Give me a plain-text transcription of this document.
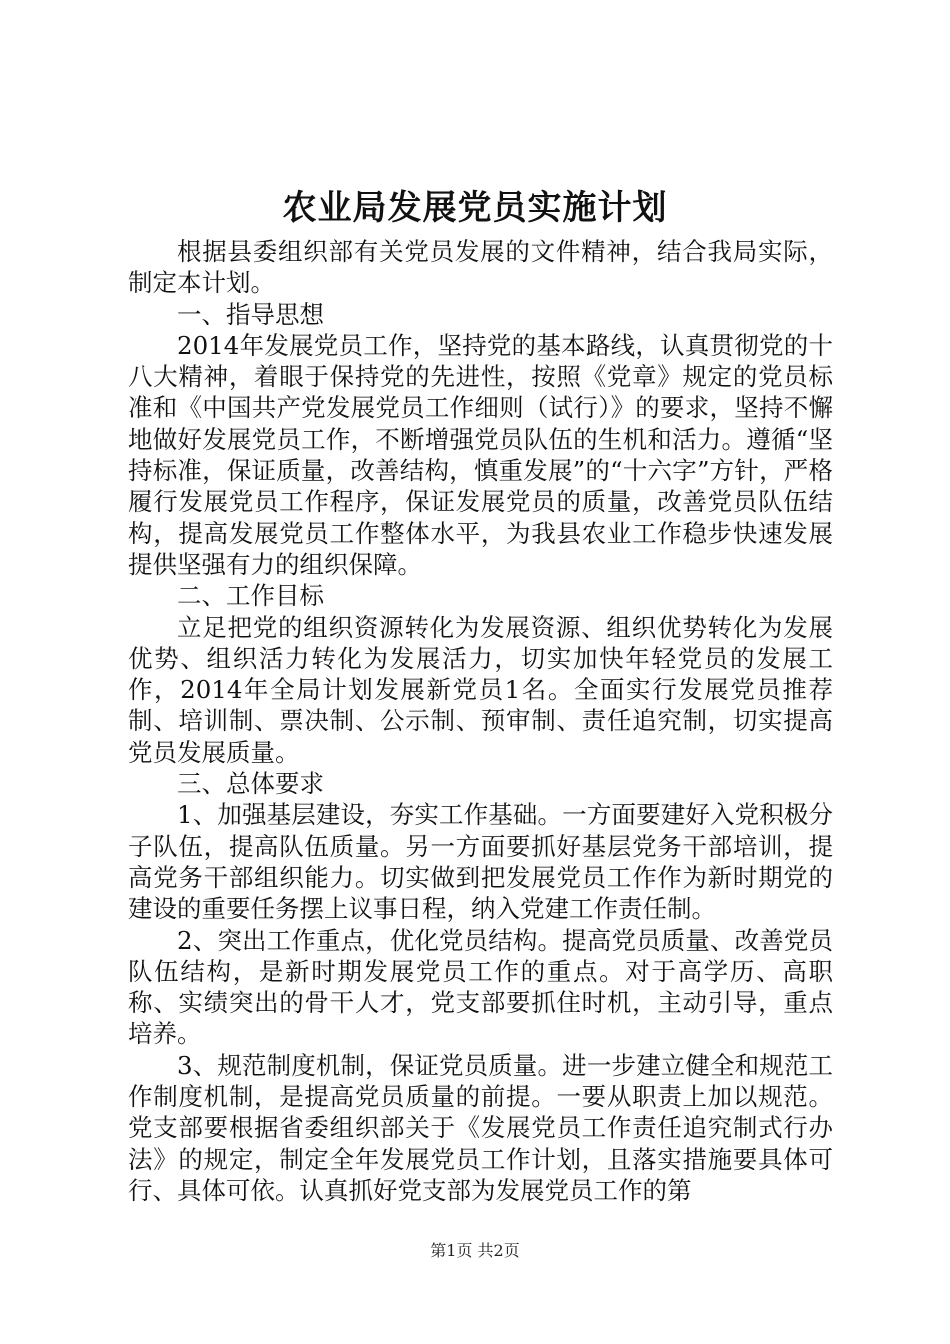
农业局发展党员实施计划

根据县委组织部有关党员发展的文件精神，结合我局实际，制定本计划。

一、指导思想

2014年发展党员工作，坚持党的基本路线，认真贯彻党的十八大精神，着眼于保持党的先进性，按照《党章》规定的党员标准和《中国共产党发展党员工作细则（试行）》的要求，坚持不懈地做好发展党员工作，不断增强党员队伍的生机和活力。遵循“坚持标准，保证质量，改善结构，慎重发展”的“十六字”方针，严格履行发展党员工作程序，保证发展党员的质量，改善党员队伍结构，提高发展党员工作整体水平，为我县农业工作稳步快速发展提供坚强有力的组织保障。

二、工作目标

立足把党的组织资源转化为发展资源、组织优势转化为发展优势、组织活力转化为发展活力，切实加快年轻党员的发展工作，2014年全局计划发展新党员1名。全面实行发展党员推荐制、培训制、票决制、公示制、预审制、责任追究制，切实提高党员发展质量。

三、总体要求

1、加强基层建设，夯实工作基础。一方面要建好入党积极分子队伍，提高队伍质量。另一方面要抓好基层党务干部培训，提高党务干部组织能力。切实做到把发展党员工作作为新时期党的建设的重要任务摆上议事日程，纳入党建工作责任制。

2、突出工作重点，优化党员结构。提高党员质量、改善党员队伍结构，是新时期发展党员工作的重点。对于高学历、高职称、实绩突出的骨干人才，党支部要抓住时机，主动引导，重点培养。

3、规范制度机制，保证党员质量。进一步建立健全和规范工作制度机制，是提高党员质量的前提。一要从职责上加以规范。党支部要根据省委组织部关于《发展党员工作责任追究制式行办法》的规定，制定全年发展党员工作计划，且落实措施要具体可行、具体可依。认真抓好党支部为发展党员工作的第

第1页 共2页
